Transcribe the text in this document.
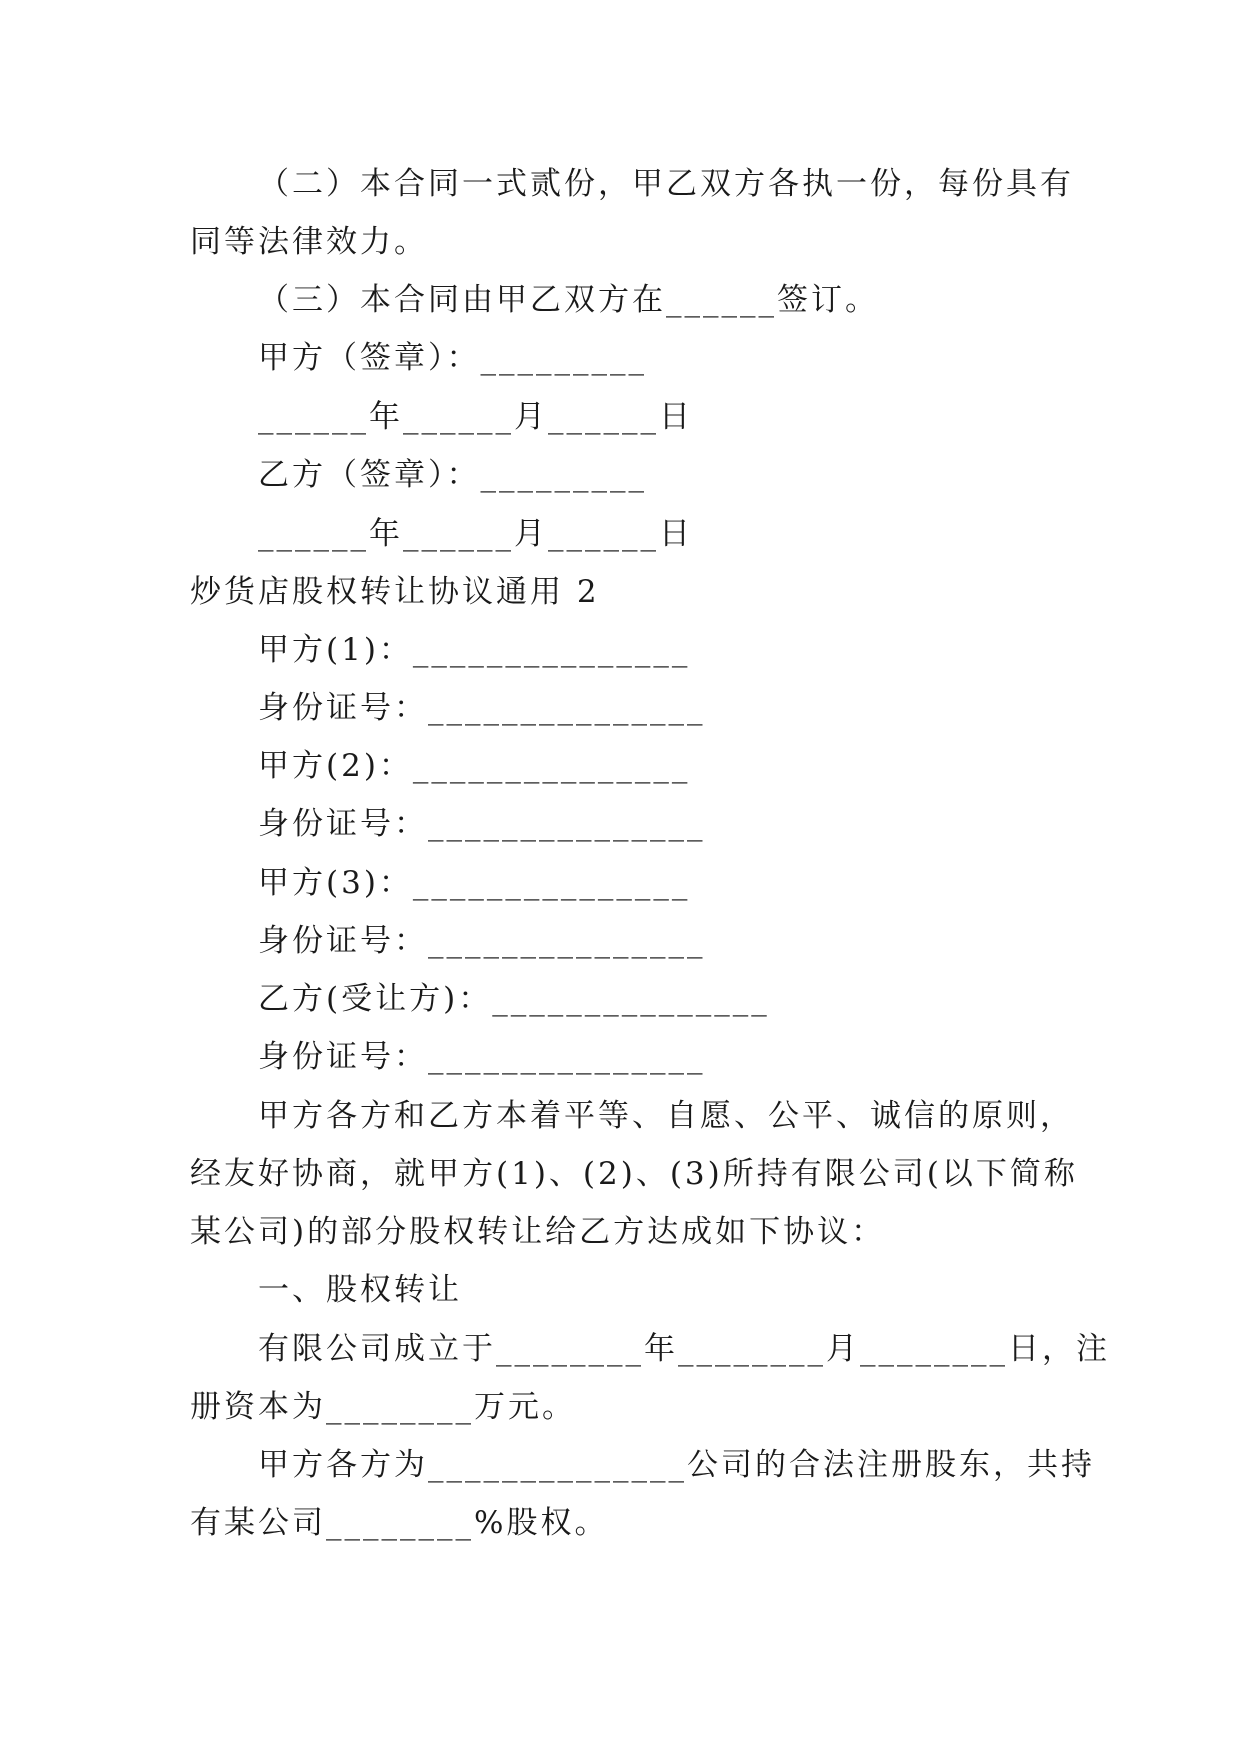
（二）本合同一式贰份，甲乙双方各执一份，每份具有
同等法律效力。
（三）本合同由甲乙双方在______签订。
甲方（签章）：_________
______年______月______日
乙方（签章）：_________
______年______月______日
炒货店股权转让协议通用 2
甲方(1)：_______________
身份证号：_______________
甲方(2)：_______________
身份证号：_______________
甲方(3)：_______________
身份证号：_______________
乙方(受让方)：_______________
身份证号：_______________
甲方各方和乙方本着平等、自愿、公平、诚信的原则，
经友好协商，就甲方(1)、(2)、(3)所持有限公司(以下简称
某公司)的部分股权转让给乙方达成如下协议：
一、股权转让
有限公司成立于________年________月________日，注
册资本为________万元。
甲方各方为______________公司的合法注册股东，共持
有某公司________%股权。
